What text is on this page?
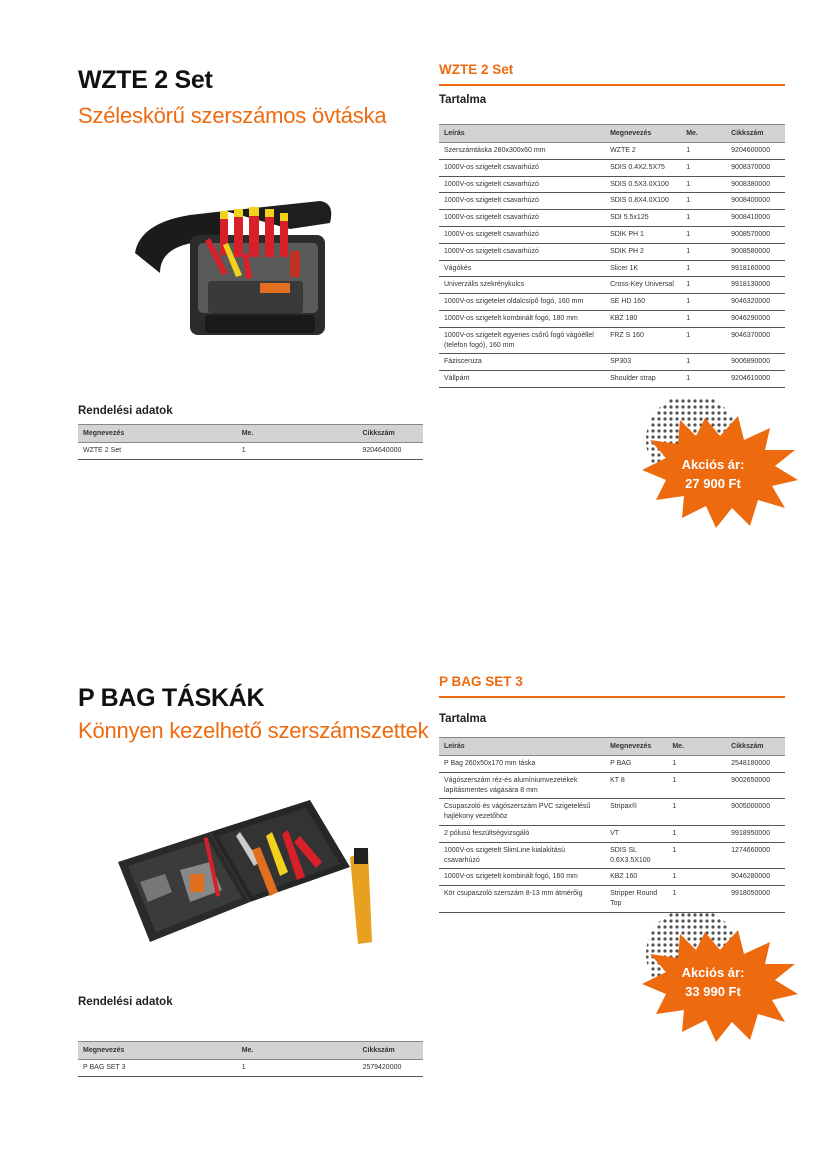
WZTE 2 Set
Széleskörű szerszámos övtáska
WZTE 2 Set
Tartalma
Leírás	Megnevezés	Me.	Cikkszám
Szerszámtáska 280x300x60 mm	WZTE 2	1	9204600000
1000V-os szigetelt csavarhúzó	SDIS 0.4X2.5X75	1	9008370000
1000V-os szigetelt csavarhúzó	SDIS 0.5X3.0X100	1	9008380000
1000V-os szigetelt csavarhúzó	SDIS 0.8X4.0X100	1	9008400000
1000V-os szigetelt csavarhúzó	SDI 5.5x125	1	9008410000
1000V-os szigetelt csavarhúzó	SDIK PH 1	1	9008570000
1000V-os szigetelt csavarhúzó	SDIK PH 2	1	9008580000
Vágókés	Slicer 1K	1	9918160000
Univerzális szekrénykulcs	Cross-Key Universal	1	9918130000
1000V-os szigetelet oldalcsípő fogó, 160 mm	SE HD 160	1	9046320000
1000V-os szigetelt kombinált fogó, 180 mm	KBZ 180	1	9046290000
1000V-os szigetelt egyenes csőrű fogó vágóéllel (telefon fogó), 160 mm	FRZ S 160	1	9046370000
Fázisceruza	SP303	1	9006890000
Vállpánt	Shoulder strap	1	9204610000
Rendelési adatok
Megnevezés	Me.	Cikkszám
WZTE 2 Set	1	9204640000
Akciós ár:
27 900 Ft
P BAG TÁSKÁK
Könnyen kezelhető szerszámszettek
P BAG SET 3
Tartalma
Leírás	Megnevezés	Me.	Cikkszám
P Bag 260x50x170 mm táska	P BAG	1	2548180000
Vágószerszám réz-és alumíniumvezetékek lapításmentes vágására 8 mm	KT 8	1	9002650000
Csupaszoló és vágószerszám PVC szigetelésű hajlékony vezetőhöz	Stripax®	1	9005000000
2 pólusú feszültségvizsgáló	VT	1	9918950000
1000V-os szigetelt SlimLine kialakítású csavarhúzó	SDIS SL 0.6X3.5X100	1	1274660000
1000V-os szigetelt kombinált fogó, 160 mm	KBZ 160	1	9046280000
Kör csupaszoló szerszám 8-13 mm átmérőig	Stripper Round Top	1	9918050000
Rendelési adatok
Megnevezés	Me.	Cikkszám
P BAG SET 3	1	2579420000
Akciós ár:
33 990 Ft
